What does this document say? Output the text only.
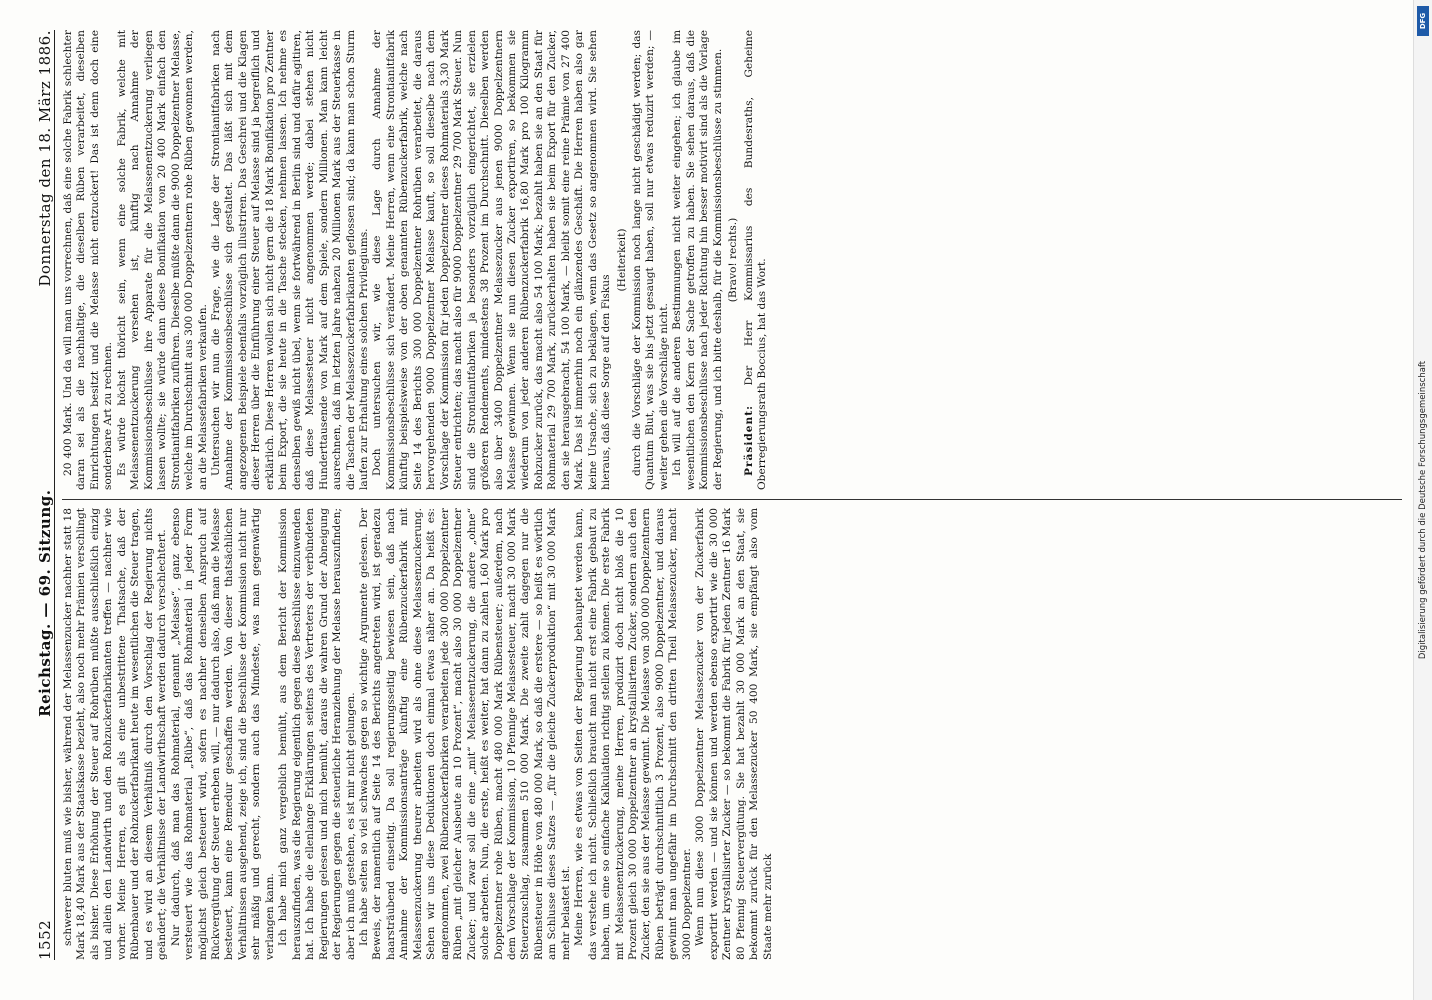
1552
Reichstag. — 69. Sitzung.
Donnerstag den 18. März 1886.

schwerer bluten muß wie bisher, während der Melassenzucker nachher statt 18 Mark 18,40 Mark aus der Staatskasse bezieht, also noch mehr Prämien verschlingt als bisher. Diese Erhöhung der Steuer auf Rohrüben müßte ausschließlich einzig und allein den Landwirth und den Rohzuckerfabrikanten treffen — nachher wie vorher. Meine Herren, es gilt als eine unbestrittene Thatsache, daß der Rübenbauer und der Rohzuckerfabrikant heute im wesentlichen die Steuer tragen, und es wird an diesem Verhältniß durch den Vorschlag der Regierung nichts geändert; die Verhältnisse der Landwirthschaft werden dadurch verschlechtert. Nur dadurch, daß man das Rohmaterial, genannt „Melasse“, ganz ebenso versteuert wie das Rohmaterial „Rübe“, daß das Rohmaterial in jeder Form möglichst gleich besteuert wird, sofern es nachher denselben Anspruch auf Rückvergütung der Steuer erheben will, — nur dadurch also, daß man die Melasse besteuert, kann eine Remedur geschaffen werden. Von dieser thatsächlichen Verhältnissen ausgehend, zeige ich, sind die Beschlüsse der Kommission nicht nur sehr mäßig und gerecht, sondern auch das Mindeste, was man gegenwärtig verlangen kann. Ich habe mich ganz vergeblich bemüht, aus dem Bericht der Kommission herauszufinden, was die Regierung eigentlich gegen diese Beschlüsse einzuwenden hat. Ich habe die ellenlange Erklärungen seitens des Vertreters der verbündeten Regierungen gelesen und mich bemüht, daraus die wahren Grund der Abneigung der Regierungen gegen die steuerliche Heranziehung der Melasse herauszufinden; aber ich muß gestehen, es ist mir nicht gelungen. Ich habe selten so viel schwaches gegen so wichtige Argumente gelesen. Der Beweis, der namentlich auf Seite 14 des Berichts angetreten wird, ist geradezu haarsträubend einseitig. Da soll regierungsseitig bewiesen sein, daß nach Annahme der Kommissionsanträge künftig eine Rübenzuckerfabrik mit Melassenzuckerung theurer arbeiten wird als ohne diese Melassenzuckerung. Sehen wir uns diese Deduktionen doch einmal etwas näher an. Da heißt es: angenommen, zwei Rübenzuckerfabriken verarbeiten jede 300 000 Doppelzentner Rüben „mit gleicher Ausbeute an 10 Prozent“, macht also 30 000 Doppelzentner Zucker; und zwar soll die eine „mit“ Melasseentzuckerung, die andere „ohne“ solche arbeiten. Nun, die erste, heißt es weiter, hat dann zu zahlen 1,60 Mark pro Doppelzentner rohe Rüben, macht 480 000 Mark Rübensteuer; außerdem, nach dem Vorschlage der Kommission, 10 Pfennige Melassesteuer, macht 30 000 Mark Steuerzuschlag, zusammen 510 000 Mark. Die zweite zahlt dagegen nur die Rübensteuer in Höhe von 480 000 Mark, so daß die erstere — so heißt es wörtlich am Schlusse dieses Satzes — „für die gleiche Zuckerproduktion“ mit 30 000 Mark mehr belastet ist. Meine Herren, wie es etwas von Seiten der Regierung behauptet werden kann, das verstehe ich nicht. Schließlich braucht man nicht erst eine Fabrik gebaut zu haben, um eine so einfache Kalkulation richtig stellen zu können. Die erste Fabrik mit Melassenentzuckerung, meine Herren, produzirt doch nicht bloß die 10 Prozent gleich 30 000 Doppelzentner an krystallisirtem Zucker, sondern auch den Zucker, den sie aus der Melasse gewinnt. Die Melasse von 300 000 Doppelzentnern Rüben beträgt durchschnittlich 3 Prozent, also 9000 Doppelzentner, und daraus gewinnt man ungefähr im Durchschnitt den dritten Theil Melassezucker, macht 3000 Doppelzentner. Wenn nun diese 3000 Doppelzentner Melassezucker von der Zuckerfabrik exportirt werden — und sie können und werden ebenso exportirt wie die 30 000 Zentner krystallisirter Zucker — so bekommt die Fabrik für jeden Zentner 16 Mark 80 Pfennig Steuervergütung. Sie hat bezahlt 30 000 Mark an den Staat, sie bekommt zurück für den Melassezucker 50 400 Mark, sie empfängt also vom Staate mehr zurück

20 400 Mark. Und da will man uns vorrechnen, daß eine solche Fabrik schlechter daran sei als die nachhaltige, die dieselben Rüben verarbeitet, dieselben Einrichtungen besitzt und die Melasse nicht entzuckert! Das ist denn doch eine sonderbare Art zu rechnen. Es würde höchst thöricht sein, wenn eine solche Fabrik, welche mit Melassenentzuckerung versehen ist, künftig nach Annahme der Kommissionsbeschlüsse ihre Apparate für die Melassenentzuckerung verliegen lassen wollte; sie würde dann diese Bonifikation von 20 400 Mark einfach den Strontianitfabriken zuführen. Dieselbe müßte dann die 9000 Doppelzentner Melasse, welche im Durchschnitt aus 300 000 Doppelzentnern rohe Rüben gewonnen werden, an die Melassefabriken verkaufen. Untersuchen wir nun die Frage, wie die Lage der Strontianitfabriken nach Annahme der Kommissionsbeschlüsse sich gestaltet. Das läßt sich mit dem angezogenen Beispiele ebenfalls vorzüglich illustriren. Das Geschrei und die Klagen dieser Herren über die Einführung einer Steuer auf Melasse sind ja begreiflich und erklärlich. Diese Herren wollen sich nicht gern die 18 Mark Bonifikation pro Zentner beim Export, die sie heute in die Tasche stecken, nehmen lassen. Ich nehme es denselben gewiß nicht übel, wenn sie fortwährend in Berlin sind und dafür agitiren, daß diese Melassesteuer nicht angenommen werde; dabei stehen nicht Hunderttausende von Mark auf dem Spiele, sondern Millionen. Man kann leicht ausrechnen, daß im letzten Jahre nahezu 20 Millionen Mark aus der Steuerkasse in die Taschen der Melassezuckerfabrikanten geflossen sind; da kann man schon Sturm laufen zur Erhaltung eines solchen Privilegiums. Doch untersuchen wir, wie diese Lage durch Annahme der Kommissionsbeschlüsse sich verändert. Meine Herren, wenn eine Strontianitfabrik künftig beispielsweise von der oben genannten Rübenzuckerfabrik, welche nach Seite 14 des Berichts 300 000 Doppelzentner Rohrüben verarbeitet, die daraus hervorgehenden 9000 Doppelzentner Melasse kauft, so soll dieselbe nach dem Vorschlage der Kommission für jeden Doppelzentner dieses Rohmaterials 3,30 Mark Steuer entrichten; das macht also für 9000 Doppelzentner 29 700 Mark Steuer. Nun sind die Strontianitfabriken ja besonders vorzüglich eingerichtet, sie erzielen größeren Rendements, mindestens 38 Prozent im Durchschnitt. Dieselben werden also über 3400 Doppelzentner Melassezucker aus jenen 9000 Doppelzentnern Melasse gewinnen. Wenn sie nun diesen Zucker exportiren, so bekommen sie wiederum von jeder anderen Rübenzuckerfabrik 16,80 Mark pro 100 Kilogramm Rohzucker zurück, das macht also 54 100 Mark; bezahlt haben sie an den Staat für Rohmaterial 29 700 Mark, zurückerhalten haben sie beim Export für den Zucker, den sie herausgebracht, 54 100 Mark, — bleibt somit eine reine Prämie von 27 400 Mark. Das ist immerhin noch ein glänzendes Geschäft. Die Herren haben also gar keine Ursache, sich zu beklagen, wenn das Gesetz so angenommen wird. Sie sehen hieraus, daß diese Sorge auf den Fiskus

(Heiterkeit) durch die Vorschläge der Kommission noch lange nicht geschädigt werden; das Quantum Blut, was sie bis jetzt gesaugt haben, soll nur etwas reduzirt werden; — weiter gehen die Vorschläge nicht. Ich will auf die anderen Bestimmungen nicht weiter eingehen; ich glaube im wesentlichen den Kern der Sache getroffen zu haben. Sie sehen daraus, daß die Kommissionsbeschlüsse nach jeder Richtung hin besser motivirt sind als die Vorlage der Regierung, und ich bitte deshalb, für die Kommissionsbeschlüsse zu stimmen. (Bravo! rechts.)

Präsident: Der Herr Kommissarius des Bundesraths, Geheime Oberregierungsrath Boccius, hat das Wort.

DFG
Digitalisierung gefördert durch die Deutsche Forschungsgemeinschaft
